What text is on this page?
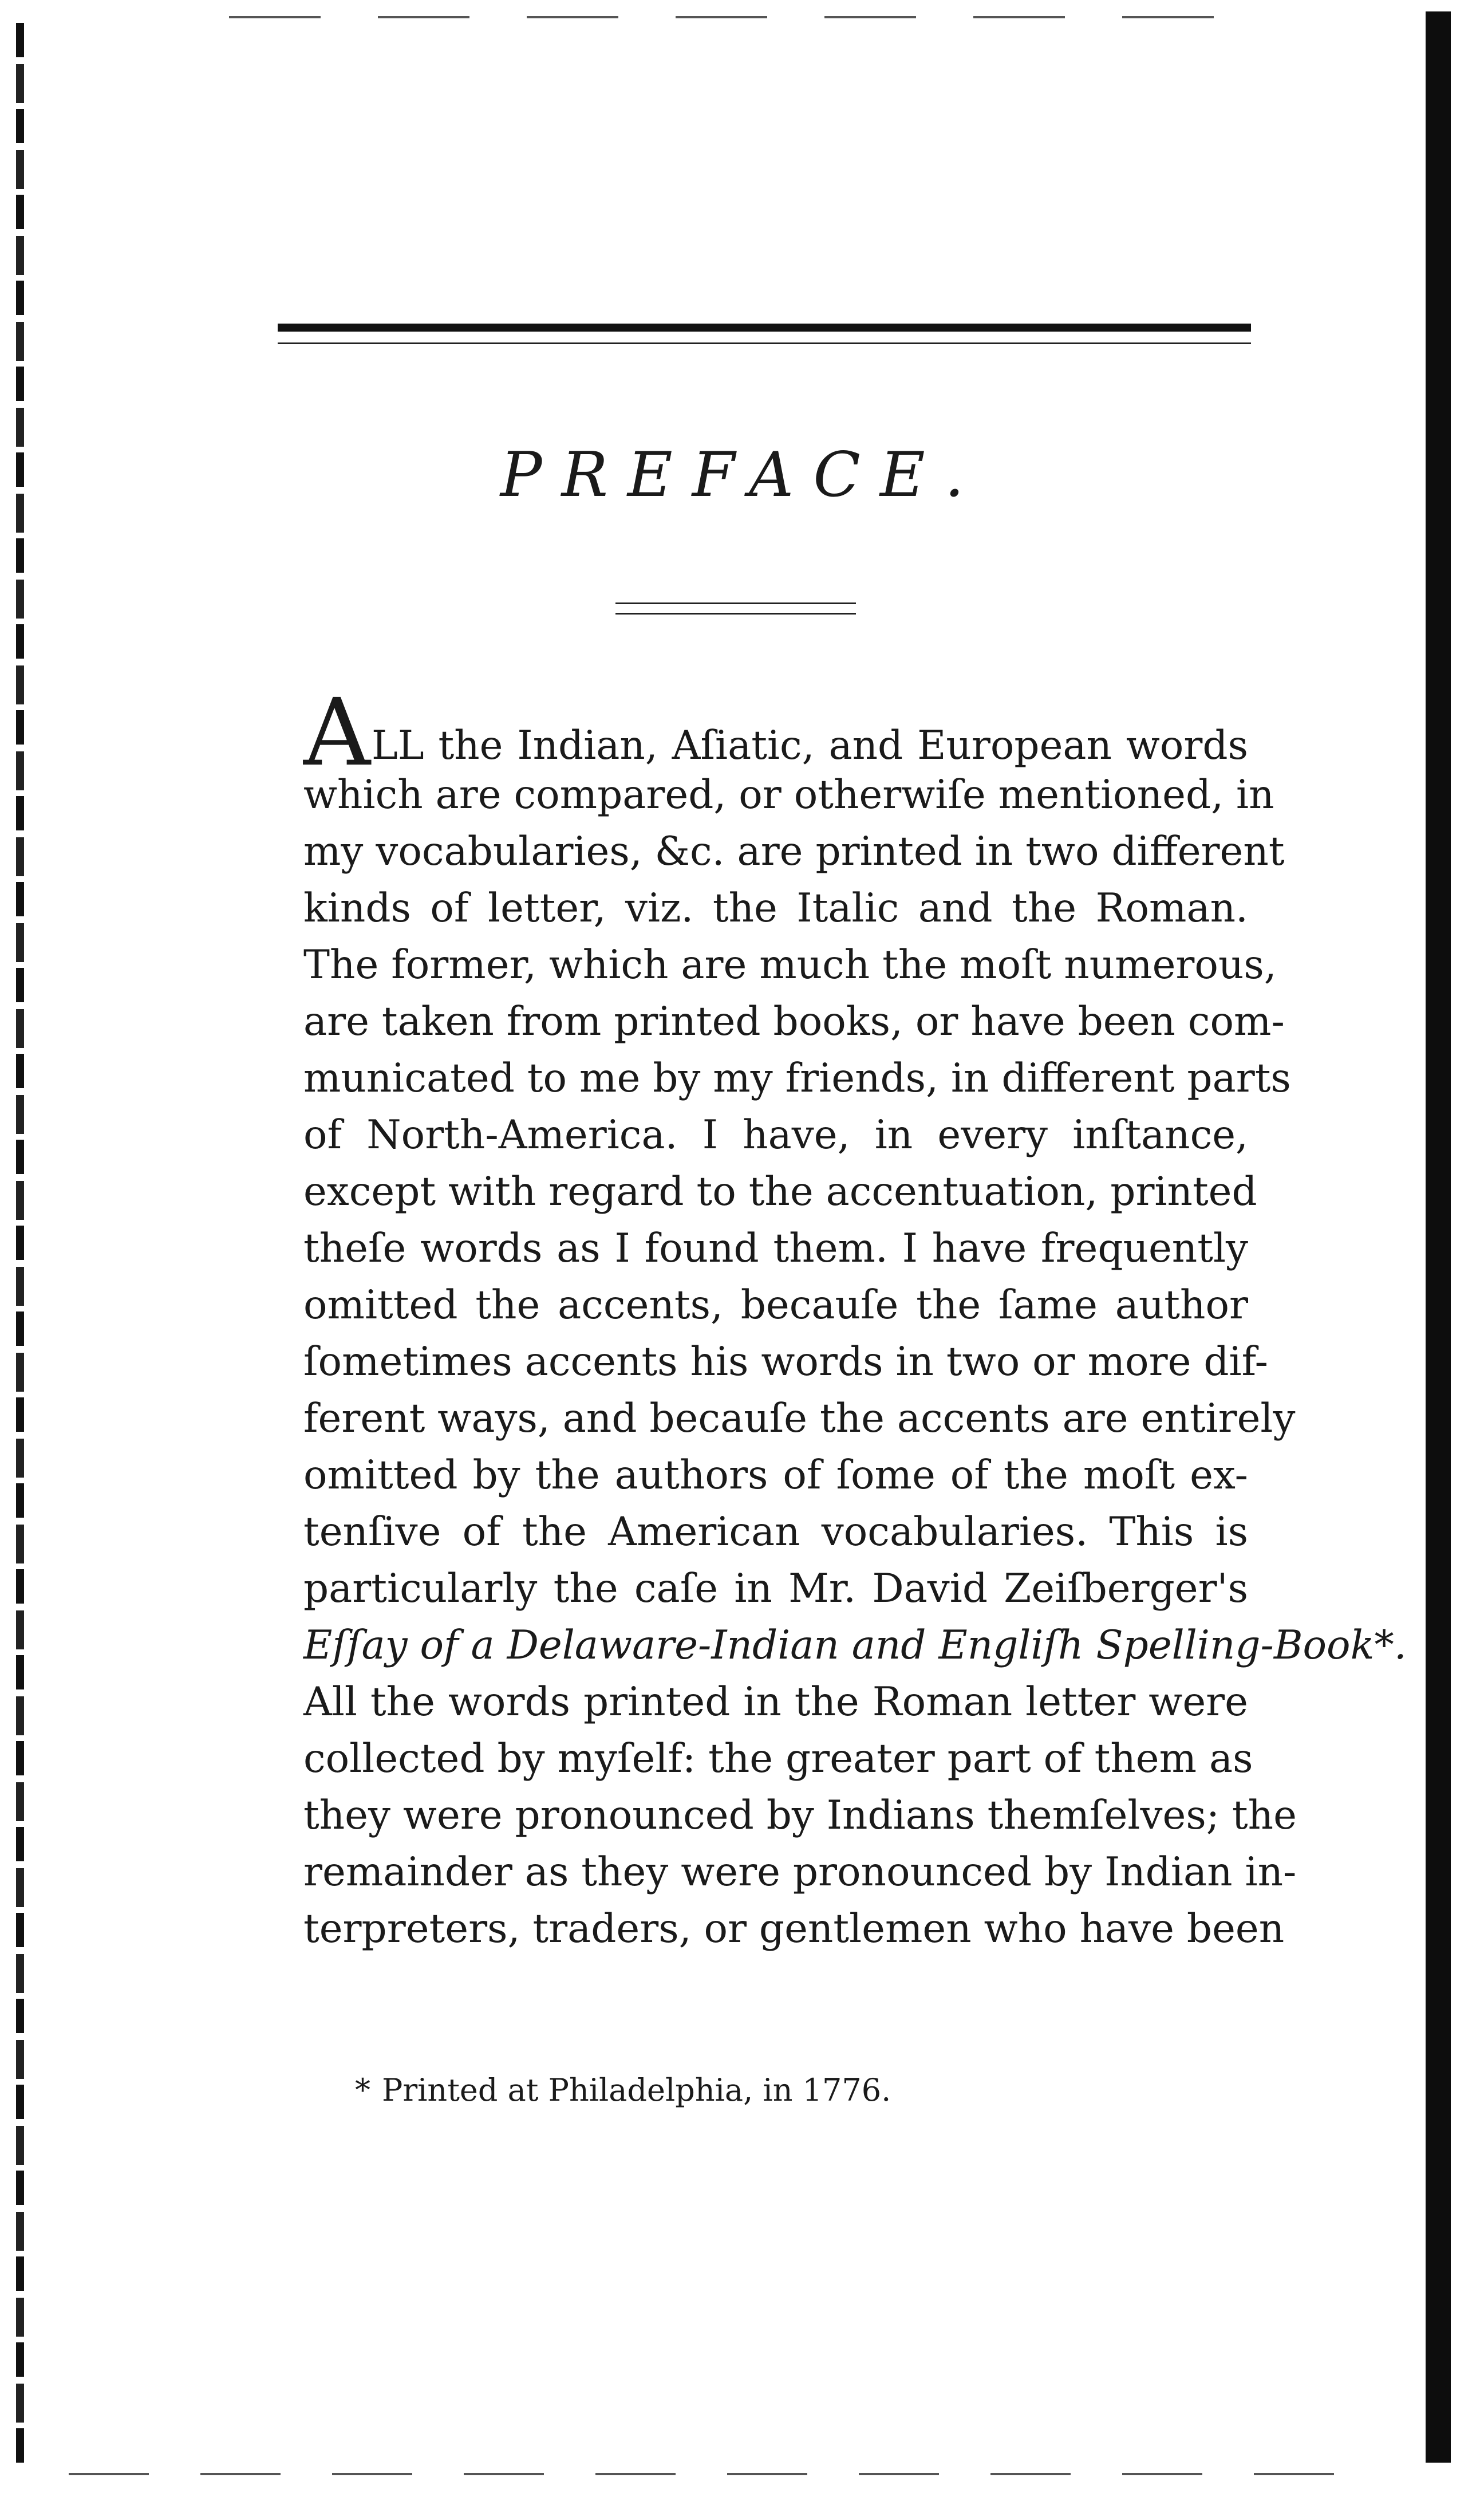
PREFACE.
ALL the Indian, Aſiatic, and European words
which are compared, or otherwiſe mentioned, in
my vocabularies, &c. are printed in two different
kinds of letter, viz. the Italic and the Roman.
The former, which are much the moſt numerous,
are taken from printed books, or have been com-
municated to me by my friends, in different parts
of North-America. I have, in every inſtance,
except with regard to the accentuation, printed
theſe words as I found them. I have frequently
omitted the accents, becauſe the ſame author
ſometimes accents his words in two or more dif-
ferent ways, and becauſe the accents are entirely
omitted by the authors of ſome of the moſt ex-
tenſive of the American vocabularies. This is
particularly the caſe in Mr. David Zeiſberger's
Eſſay of a Delaware-Indian and Engliſh Spelling-Book*.
All the words printed in the Roman letter were
collected by myſelf: the greater part of them as
they were pronounced by Indians themſelves; the
remainder as they were pronounced by Indian in-
terpreters, traders, or gentlemen who have been
* Printed at Philadelphia, in 1776.
